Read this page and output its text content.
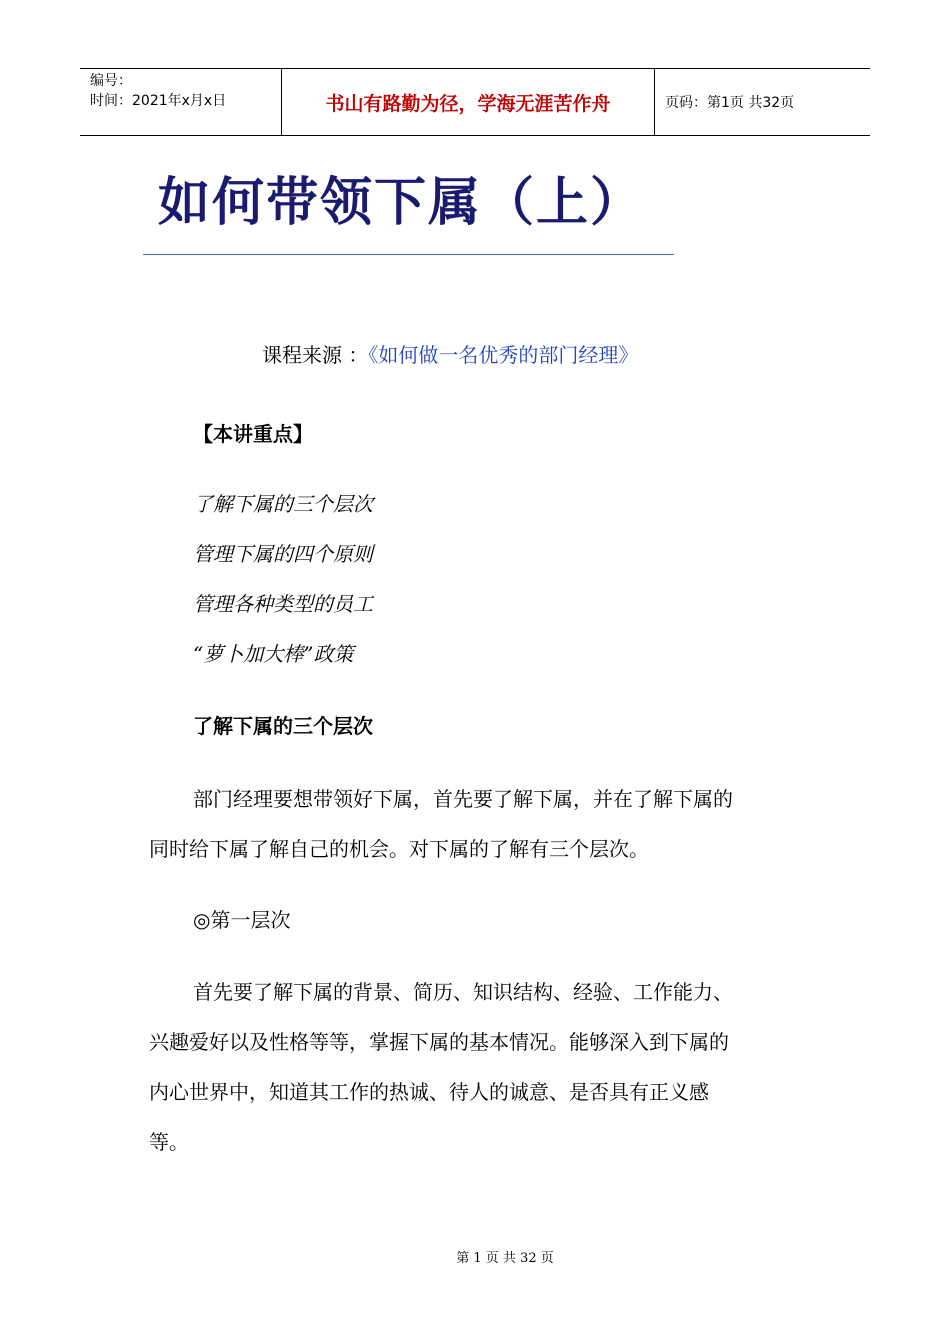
编号：
时间：2021年x月x日	书山有路勤为径，学海无涯苦作舟	页码：第1页 共32页
如何带领下属（上）
课程来源 ：《如何做一名优秀的部门经理》
【本讲重点】
了解下属的三个层次
管理下属的四个原则
管理各种类型的员工
“萝卜加大棒”政策
了解下属的三个层次
部门经理要想带领好下属，首先要了解下属，并在了解下属的
同时给下属了解自己的机会。对下属的了解有三个层次。
◎第一层次
首先要了解下属的背景、简历、知识结构、经验、工作能力、
兴趣爱好以及性格等等，掌握下属的基本情况。能够深入到下属的
内心世界中，知道其工作的热诚、待人的诚意、是否具有正义感
等。
第 1 页 共 32 页
